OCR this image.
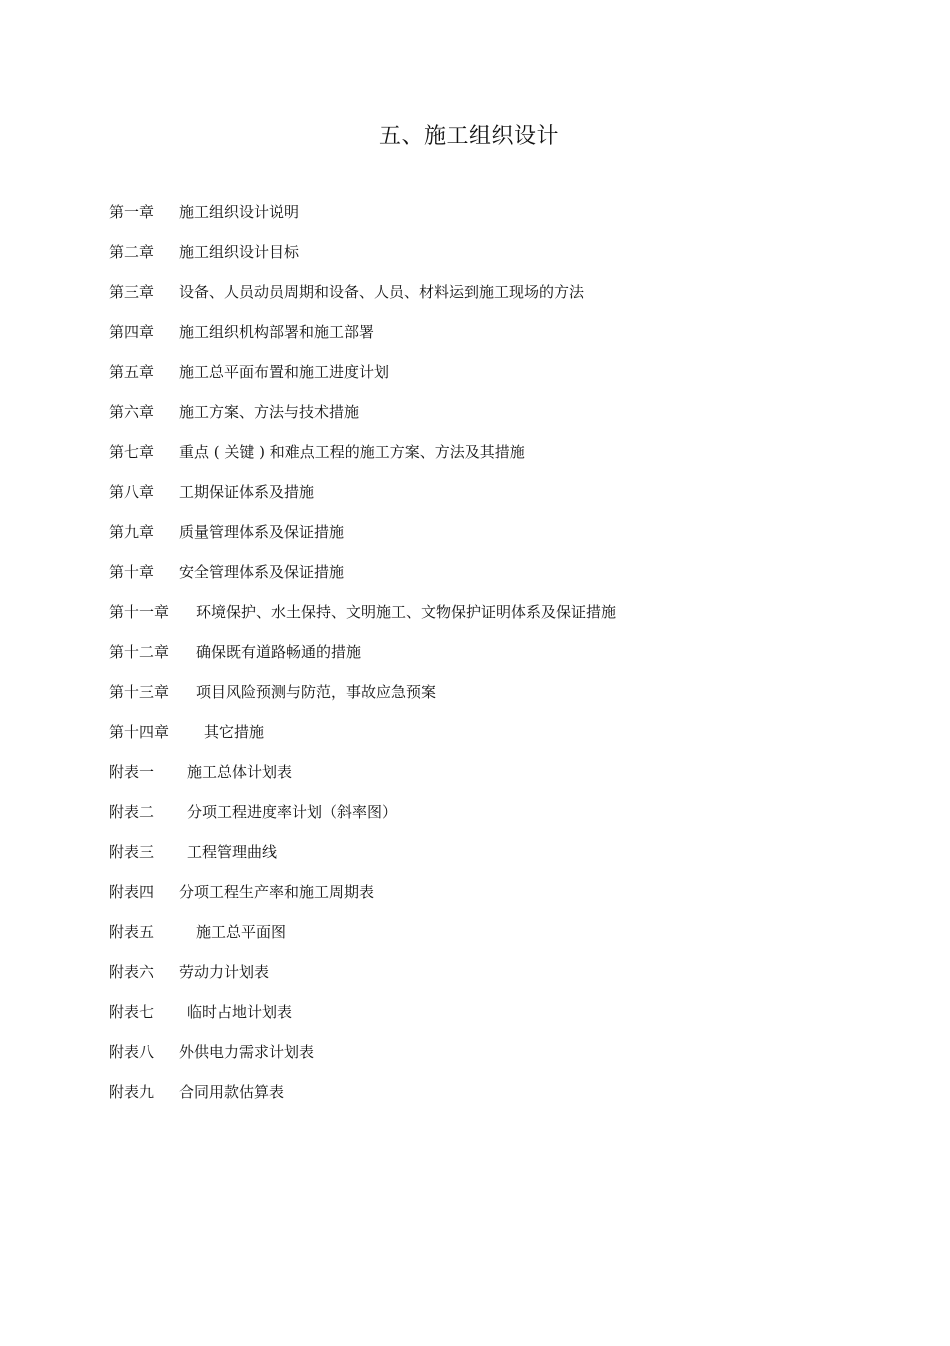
五、施工组织设计
第一章	施工组织设计说明
第二章	施工组织设计目标
第三章	设备、人员动员周期和设备、人员、材料运到施工现场的方法
第四章	施工组织机构部署和施工部署
第五章	施工总平面布置和施工进度计划
第六章	施工方案、方法与技术措施
第七章	重点 ( 关键 ) 和难点工程的施工方案、方法及其措施
第八章	工期保证体系及措施
第九章	质量管理体系及保证措施
第十章	安全管理体系及保证措施
第十一章	环境保护、水土保持、文明施工、文物保护证明体系及保证措施
第十二章	确保既有道路畅通的措施
第十三章	项目风险预测与防范，事故应急预案
第十四章	其它措施
附表一	施工总体计划表
附表二	分项工程进度率计划（斜率图）
附表三	工程管理曲线
附表四	分项工程生产率和施工周期表
附表五	施工总平面图
附表六	劳动力计划表
附表七	临时占地计划表
附表八	外供电力需求计划表
附表九	合同用款估算表
